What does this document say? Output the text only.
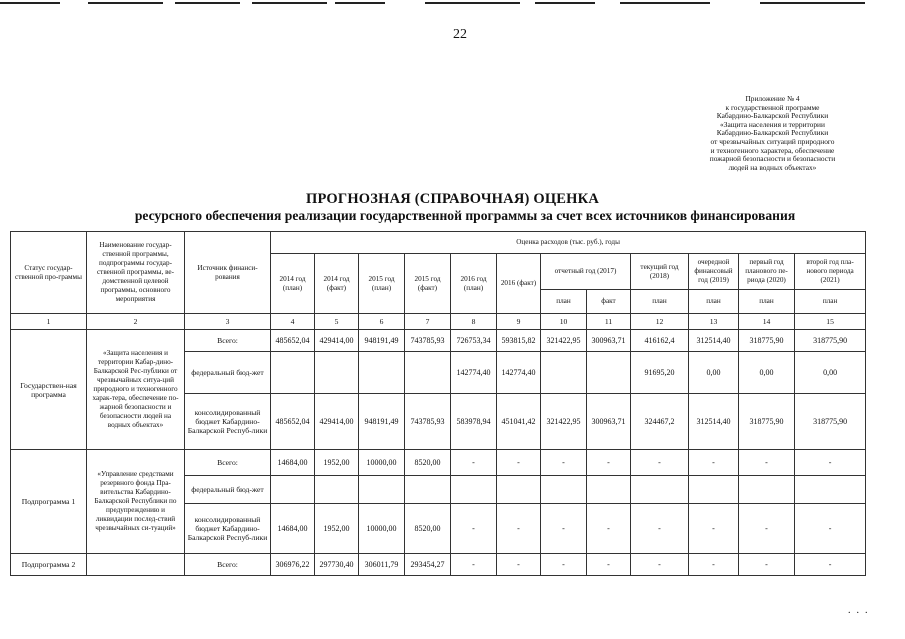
22
Приложение № 4
к государственной программе
Кабардино-Балкарской Республики
«Защита населения и территории
Кабардино-Балкарской Республики
от чрезвычайных ситуаций природного
и техногенного характера, обеспечение
пожарной безопасности и безопасности
людей на водных объектах»
ПРОГНОЗНАЯ (СПРАВОЧНАЯ) ОЦЕНКА
ресурсного обеспечения реализации государственной программы за счет всех источников финансирования
Статус государ-ственной про-граммы	Наименование государ-ственной программы, подпрограммы государ-ственной программы, ве-домственной целевой программы, основного мероприятия	Источник финанси-рования	Оценка расходов (тыс. руб.), годы											
			2014 год (план)	2014 год (факт)	2015 год (план)	2015 год (факт)	2016 год (план)	2016 (факт)	отчетный год (2017)		текущий год (2018)	очередной финансовый год (2019)	первый год планового пе-риода (2020)	второй год пла-нового периода (2021)
									план	факт	план	план	план	план
1	2	3	4	5	6	7	8	9	10	11	12	13	14	15
Государствен-ная программа	«Защита населения и территории Кабар-дино-Балкарской Рес-публики от чрезвычайных ситуа-ций природного и техногенного харак-тера, обеспечение по-жарной безопасности и безопасности людей на водных объектах»	Всего:	485652,04	429414,00	948191,49	743785,93	726753,34	593815,82	321422,95	300963,71	416162,4	312514,40	318775,90	318775,90
		федеральный бюд-жет					142774,40	142774,40			91695,20	0,00	0,00	0,00
		консолидированный бюджет Кабардино-Балкарской Респуб-лики	485652,04	429414,00	948191,49	743785,93	583978,94	451041,42	321422,95	300963,71	324467,2	312514,40	318775,90	318775,90
Подпрограмма 1	«Управление средствами резервного фонда Пра-вительства Кабардино-Балкарской Республики по предупреждению и ликвидации послед-ствий чрезвычайных си-туаций»	Всего:	14684,00	1952,00	10000,00	8520,00	-	-	-	-	-	-	-	-
		федеральный бюд-жет												
		консолидированный бюджет Кабардино-Балкарской Респуб-лики	14684,00	1952,00	10000,00	8520,00	-	-	-	-	-	-	-	-
Подпрограмма 2		Всего:	306976,22	297730,40	306011,79	293454,27	-	-	-	-	-	-	-	-
...
